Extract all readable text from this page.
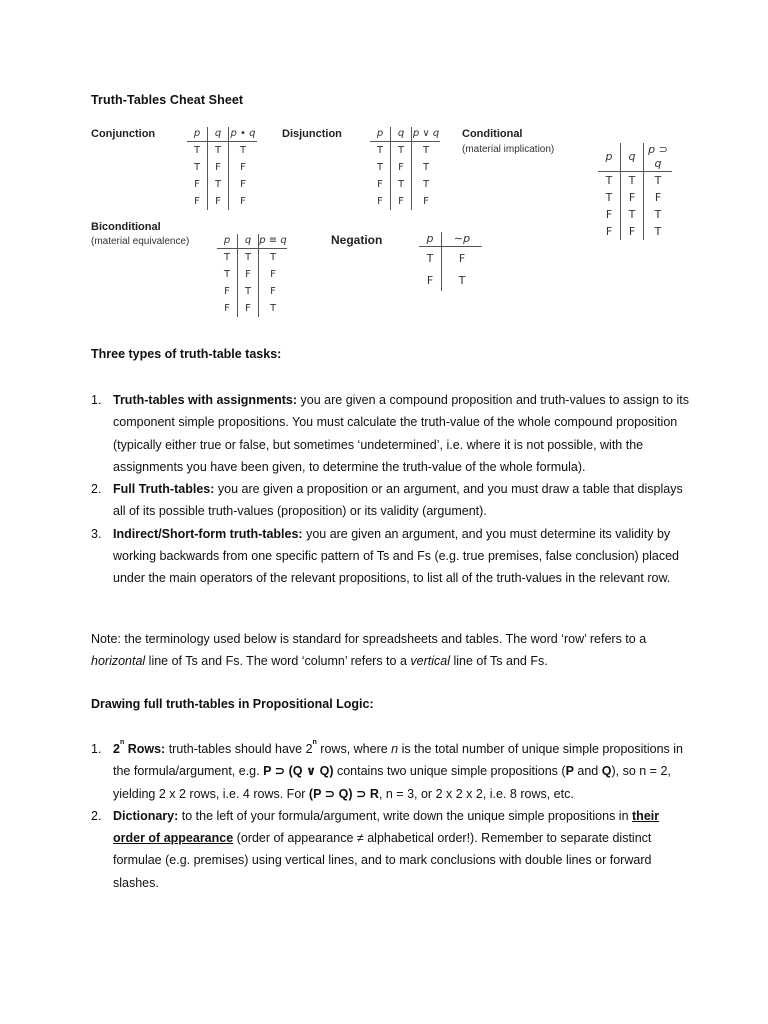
Truth-Tables Cheat Sheet
Conjunction	p	q	p • q
T	T	T
T	F	F
F	T	F
F	F	F
Disjunction	p	q	p ∨ q
T	T	T
T	F	T
F	T	T
F	F	F
Conditional
(material implication)
p	q	p ⊃ q
T	T	T
T	F	F
F	T	T
F	F	T
Biconditional
(material equivalence)	p	q	p ≡ q
T	T	T
T	F	F
F	T	F
F	F	T
Negation	p	∼p
T	F
F	T
Three types of truth-table tasks:
1. Truth-tables with assignments: you are given a compound proposition and truth-values to assign to its component simple propositions. You must calculate the truth-value of the whole compound proposition (typically either true or false, but sometimes ‘undetermined’, i.e. where it is not possible, with the assignments you have been given, to determine the truth-value of the whole formula).
2. Full Truth-tables: you are given a proposition or an argument, and you must draw a table that displays all of its possible truth-values (proposition) or its validity (argument).
3. Indirect/Short-form truth-tables: you are given an argument, and you must determine its validity by working backwards from one specific pattern of Ts and Fs (e.g. true premises, false conclusion) placed under the main operators of the relevant propositions, to list all of the truth-values in the relevant row.

Note: the terminology used below is standard for spreadsheets and tables. The word ‘row’ refers to a horizontal line of Ts and Fs. The word ‘column’ refers to a vertical line of Ts and Fs.

Drawing full truth-tables in Propositional Logic:
1. 2$^n$ Rows: truth-tables should have 2$^n$ rows, where n is the total number of unique simple propositions in the formula/argument, e.g. P ⊃ (Q ∨ Q) contains two unique simple propositions (P and Q), so n = 2, yielding 2 x 2 rows, i.e. 4 rows. For (P ⊃ Q) ⊃ R, n = 3, or 2 x 2 x 2, i.e. 8 rows, etc.
2. Dictionary: to the left of your formula/argument, write down the unique simple propositions in their order of appearance (order of appearance ≠ alphabetical order!). Remember to separate distinct formulae (e.g. premises) using vertical lines, and to mark conclusions with double lines or forward slashes.
